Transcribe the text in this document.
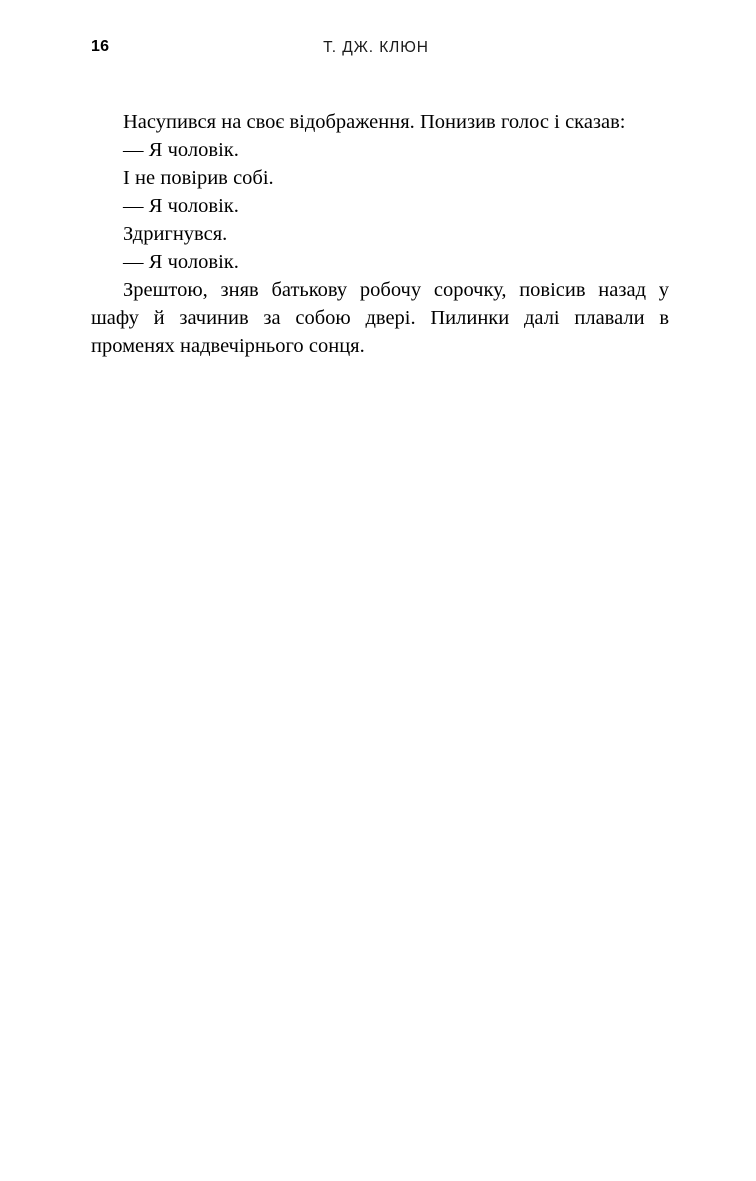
16	Т. ДЖ. КЛЮН

Насупився на своє відображення. Понизив голос і сказав:

— Я чоловік.

І не повірив собі.

— Я чоловік.

Здригнувся.

— Я чоловік.

Зрештою, зняв батькову робочу сорочку, повісив назад у шафу й зачинив за собою двері. Пилинки далі плавали в променях надвечірнього сонця.
